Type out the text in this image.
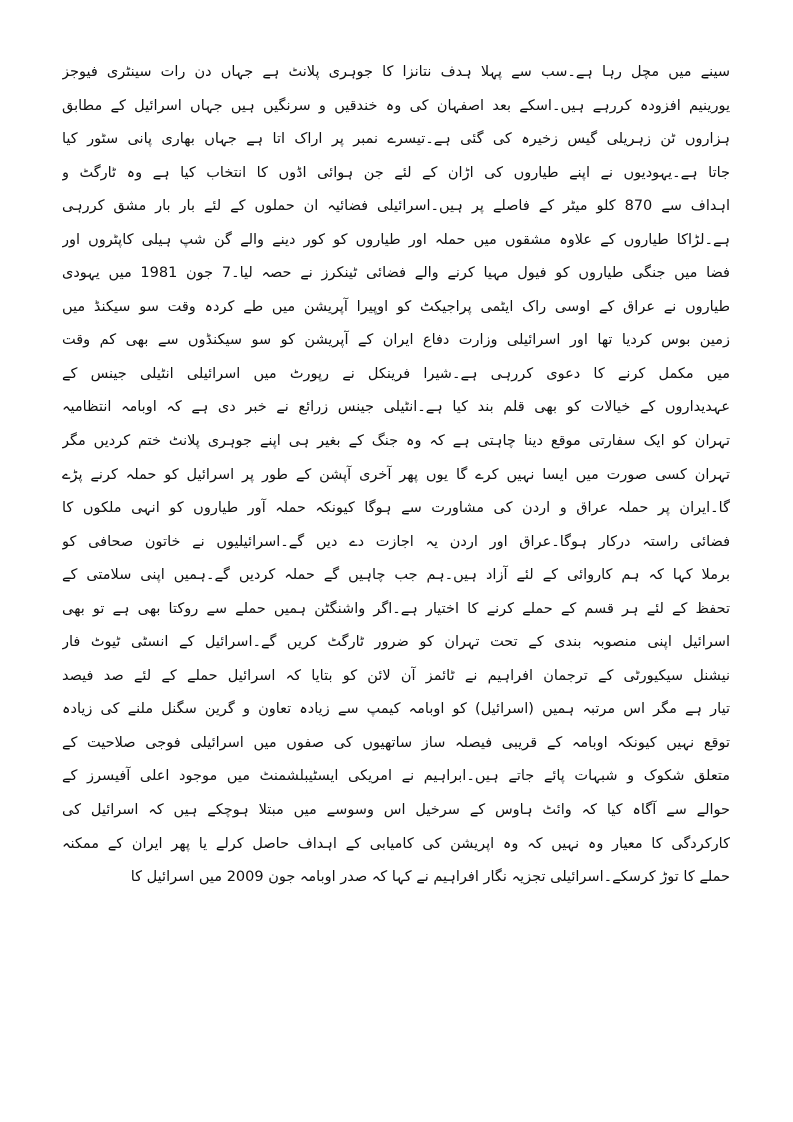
سینے میں مچل رہا ہے۔سب سے پہلا ہدف نتانزا کا جوہری پلانٹ ہے جہاں دن رات سینٹری فیوجز
یورینیم افزودہ کررہے ہیں۔اسکے بعد اصفہان کی وہ خندقیں و سرنگیں ہیں جہاں اسرائیل کے مطابق
ہزاروں ٹن زہریلی گیس زخیرہ کی گئی ہے۔تیسرے نمبر پر اراک اتا ہے جہاں بھاری پانی سٹور کیا
جاتا ہے۔یہودیوں نے اپنے طیاروں کی اڑان کے لئے جن ہوائی اڈوں کا انتخاب کیا ہے وہ ٹارگٹ و
اہداف سے 870 کلو میٹر کے فاصلے پر ہیں۔اسرائیلی فضائیہ ان حملوں کے لئے بار بار مشق کررہی
ہے۔لڑاکا طیاروں کے علاوہ مشقوں میں حملہ اور طیاروں کو کور دینے والے گن شپ ہیلی کاپٹروں اور
فضا میں جنگی طیاروں کو فیول مہیا کرنے والے فضائی ٹینکرز نے حصہ لیا۔7 جون 1981 میں یہودی
طیاروں نے عراق کے اوسی راک ایٹمی پراجیکٹ کو اوپیرا آپریشن میں طے کردہ وقت سو سیکنڈ میں
زمین بوس کردیا تھا اور اسرائیلی وزارت دفاع ایران کے آپریشن کو سو سیکنڈوں سے بھی کم وقت
میں مکمل کرنے کا دعوی کررہی ہے۔شیرا فرینکل نے رپورٹ میں اسرائیلی انٹیلی جینس کے
عہدیداروں کے خیالات کو بھی قلم بند کیا ہے۔انٹیلی جینس زرائع نے خبر دی ہے کہ اوبامہ انتظامیہ
تہران کو ایک سفارتی موقع دینا چاہتی ہے کہ وہ جنگ کے بغیر ہی اپنے جوہری پلانٹ ختم کردیں مگر
تہران کسی صورت میں ایسا نہیں کرے گا یوں پھر آخری آپشن کے طور پر اسرائیل کو حملہ کرنے پڑے
گا۔ایران پر حملہ عراق و اردن کی مشاورت سے ہوگا کیونکہ حملہ آور طیاروں کو انہی ملکوں کا
فضائی راستہ درکار ہوگا۔عراق اور اردن یہ اجازت دے دیں گے۔اسرائیلیوں نے خاتون صحافی کو
برملا کہا کہ ہم کاروائی کے لئے آزاد ہیں۔ہم جب چاہیں گے حملہ کردیں گے۔ہمیں اپنی سلامتی کے
تحفظ کے لئے ہر قسم کے حملے کرنے کا اختیار ہے۔اگر واشنگٹن ہمیں حملے سے روکتا بھی ہے تو بھی
اسرائیل اپنی منصوبہ بندی کے تحت تہران کو ضرور ٹارگٹ کریں گے۔اسرائیل کے انسٹی ٹیوٹ فار
نیشنل سیکیورٹی کے ترجمان افراہیم نے ٹائمز آن لائن کو بتایا کہ اسرائیل حملے کے لئے صد فیصد
تیار ہے مگر اس مرتبہ ہمیں (اسرائیل) کو اوبامہ کیمپ سے زیادہ تعاون و گرین سگنل ملنے کی زیادہ
توقع نہیں کیونکہ اوبامہ کے قریبی فیصلہ ساز ساتھیوں کی صفوں میں اسرائیلی فوجی صلاحیت کے
متعلق شکوک و شبہات پائے جاتے ہیں۔ابراہیم نے امریکی ایسٹیبلشمنٹ میں موجود اعلی آفیسرز کے
حوالے سے آگاہ کیا کہ وائٹ ہاوس کے سرخیل اس وسوسے میں مبتلا ہوچکے ہیں کہ اسرائیل کی
کارکردگی کا معیار وہ نہیں کہ وہ اپریشن کی کامیابی کے اہداف حاصل کرلے یا پھر ایران کے ممکنہ
حملے کا توڑ کرسکے۔اسرائیلی تجزیہ نگار افراہیم نے کہا کہ صدر اوبامہ جون 2009 میں اسرائیل کا
